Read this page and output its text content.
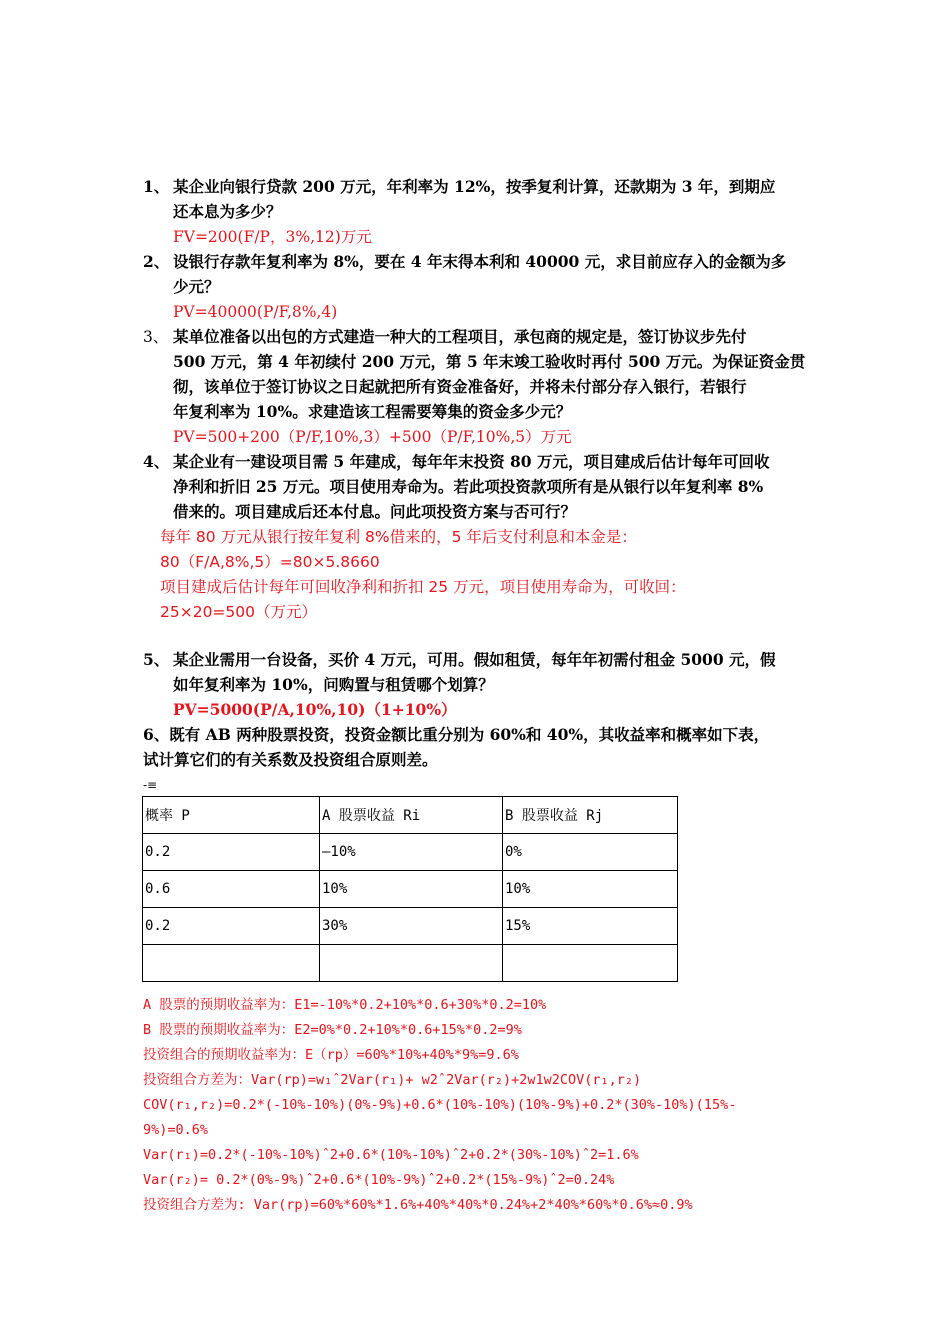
1、 某企业向银行贷款 200 万元，年利率为 12%，按季复利计算，还款期为 3 年，到期应
还本息为多少？
FV=200(F/P，3%,12)万元
2、 设银行存款年复利率为 8%，要在 4 年末得本利和 40000 元，求目前应存入的金额为多
少元？
PV=40000(P/F,8%,4)
3、 某单位准备以出包的方式建造一种大的工程项目，承包商的规定是，签订协议步先付
500 万元，第 4 年初续付 200 万元，第 5 年末竣工验收时再付 500 万元。为保证资金贯
彻，该单位于签订协议之日起就把所有资金准备好，并将未付部分存入银行，若银行
年复利率为 10%。求建造该工程需要筹集的资金多少元？
PV=500+200（P/F,10%,3）+500（P/F,10%,5）万元
4、 某企业有一建设项目需 5 年建成，每年年末投资 80 万元，项目建成后估计每年可回收
净利和折旧 25 万元。项目使用寿命为。若此项投资款项所有是从银行以年复利率 8%
借来的。项目建成后还本付息。问此项投资方案与否可行？
每年 80 万元从银行按年复利 8%借来的，5 年后支付利息和本金是：
80（F/A,8%,5）=80×5.8660
项目建成后估计每年可回收净利和折扣 25 万元，项目使用寿命为，可收回：
25×20=500（万元）
5、 某企业需用一台设备，买价 4 万元，可用。假如租赁，每年年初需付租金 5000 元，假
如年复利率为 10%，问购置与租赁哪个划算？
PV=5000(P/A,10%,10)（1+10%）
6、既有 AB 两种股票投资，投资金额比重分别为 60%和 40%，其收益率和概率如下表，
试计算它们的有关系数及投资组合原则差。
-≡
概率 P	A 股票收益 Ri	B 股票收益 Rj
0.2	—10%	0%
0.6	10%	10%
0.2	30%	15%

A 股票的预期收益率为：E1=-10%*0.2+10%*0.6+30%*0.2=10%
B 股票的预期收益率为：E2=0%*0.2+10%*0.6+15%*0.2=9%
投资组合的预期收益率为：E（rp）=60%*10%+40%*9%=9.6%
投资组合方差为：Var(rp)=w₁ˆ2Var(r₁)+ w2ˆ2Var(r₂)+2w1w2COV(r₁,r₂)
COV(r₁,r₂)=0.2*(-10%-10%)(0%-9%)+0.6*(10%-10%)(10%-9%)+0.2*(30%-10%)(15%-
9%)=0.6%
Var(r₁)=0.2*(-10%-10%)ˆ2+0.6*(10%-10%)ˆ2+0.2*(30%-10%)ˆ2=1.6%
Var(r₂)= 0.2*(0%-9%)ˆ2+0.6*(10%-9%)ˆ2+0.2*(15%-9%)ˆ2=0.24%
投资组合方差为: Var(rp)=60%*60%*1.6%+40%*40%*0.24%+2*40%*60%*0.6%≈0.9%
